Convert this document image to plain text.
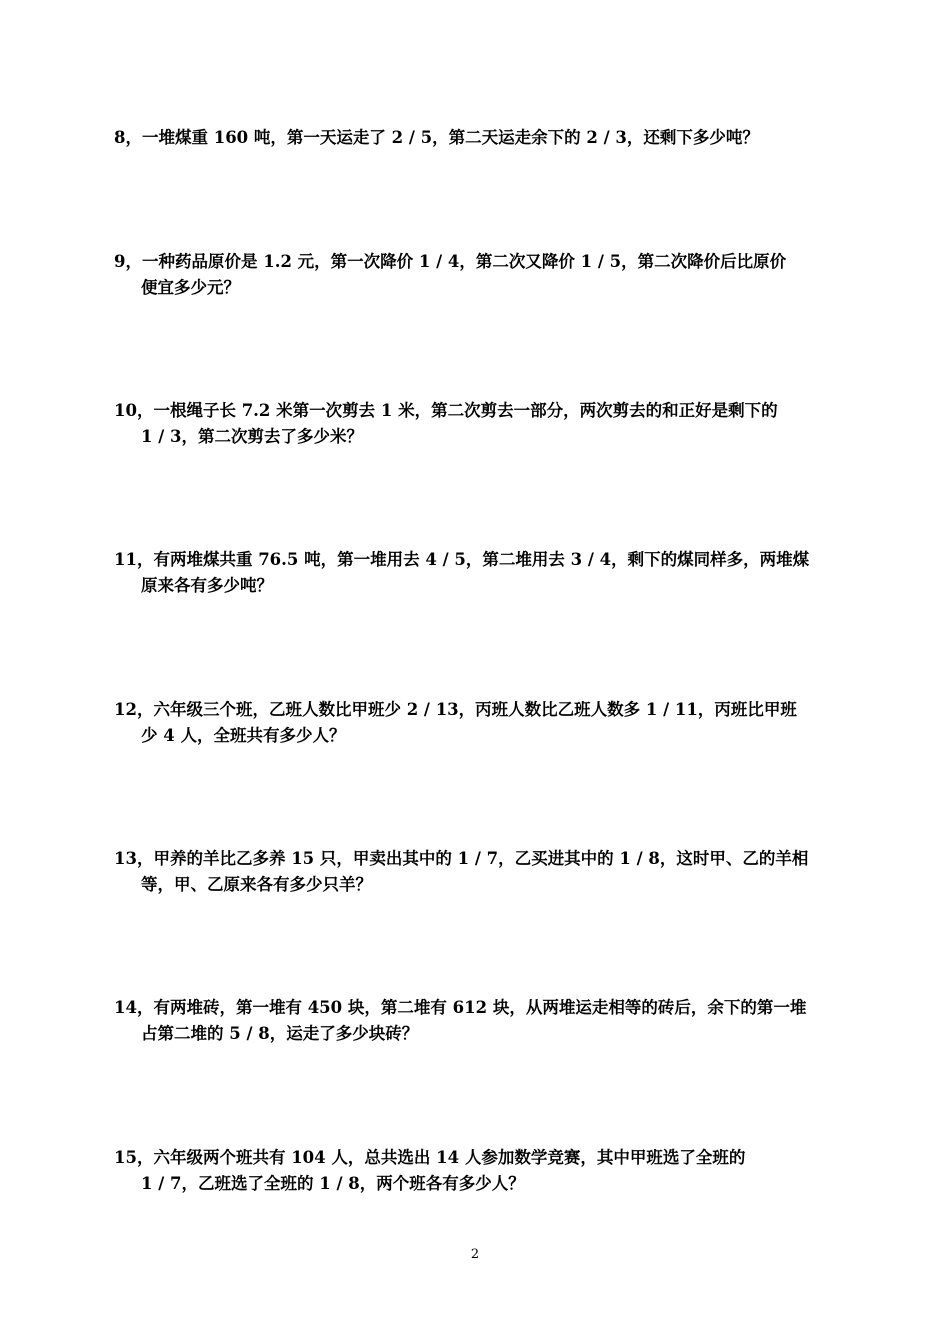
8，一堆煤重 160 吨，第一天运走了 2 / 5，第二天运走余下的 2 / 3，还剩下多少吨？
9，一种药品原价是 1.2 元，第一次降价 1 / 4，第二次又降价 1 / 5，第二次降价后比原价
便宜多少元？
10，一根绳子长 7.2 米第一次剪去 1 米，第二次剪去一部分，两次剪去的和正好是剩下的
1 / 3，第二次剪去了多少米？
11，有两堆煤共重 76.5 吨，第一堆用去 4 / 5，第二堆用去 3 / 4，剩下的煤同样多，两堆煤
原来各有多少吨？
12，六年级三个班，乙班人数比甲班少 2 / 13，丙班人数比乙班人数多 1 / 11，丙班比甲班
少 4 人，全班共有多少人？
13，甲养的羊比乙多养 15 只，甲卖出其中的 1 / 7，乙买进其中的 1 / 8，这时甲、乙的羊相
等，甲、乙原来各有多少只羊？
14，有两堆砖，第一堆有 450 块，第二堆有 612 块，从两堆运走相等的砖后，余下的第一堆
占第二堆的 5 / 8，运走了多少块砖？
15，六年级两个班共有 104 人，总共选出 14 人参加数学竞赛，其中甲班选了全班的
1 / 7，乙班选了全班的 1 / 8，两个班各有多少人？
2
